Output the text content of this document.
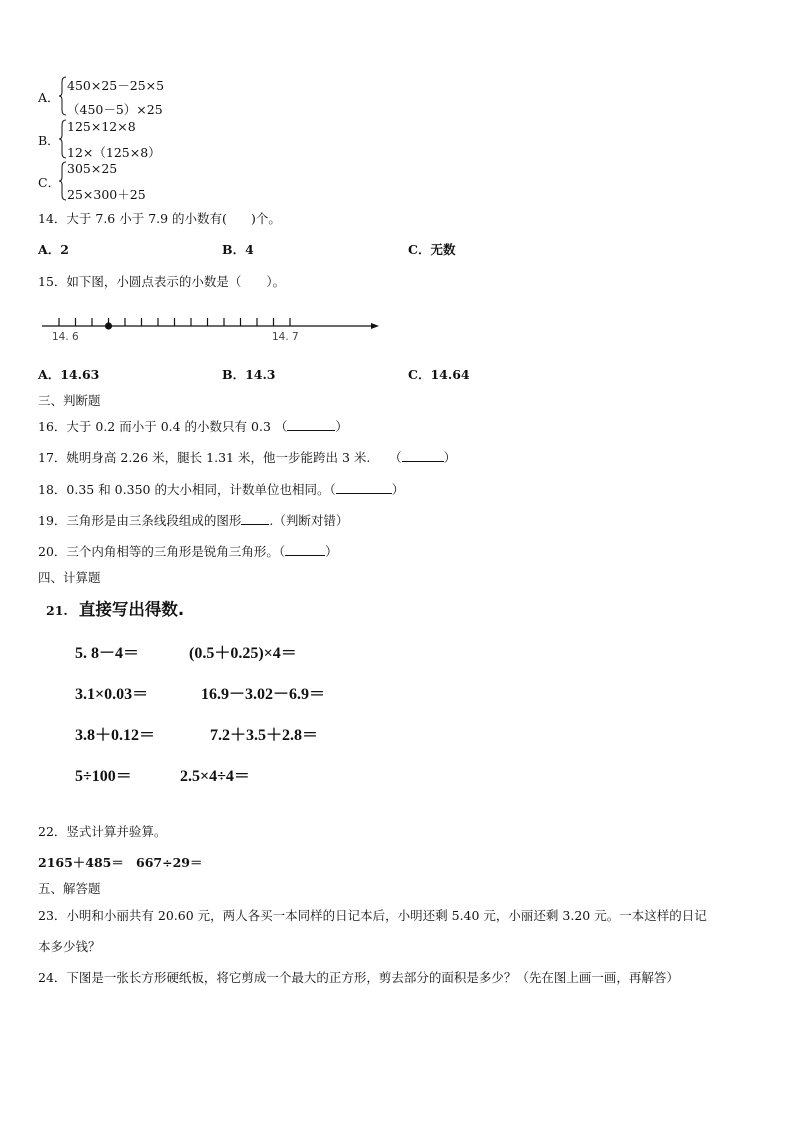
A．
450×25－25×5
（450－5）×25
B．
125×12×8
12×（125×8）
C．
305×25
25×300＋25
14．大于 7.6 小于 7.9 的小数有( )个。
A．2	B．4	C．无数
15．如下图，小圆点表示的小数是（　　）。
14. 6	14. 7
A．14.63	B．14.3	C．14.64
三、判断题
16．大于 0.2 而小于 0.4 的小数只有 0.3 （	）
17．姚明身高 2.26 米，腿长 1.31 米，他一步能跨出 3 米.　　（	）
18．0.35 和 0.350 的大小相同，计数单位也相同。（	）
19．三角形是由三条线段组成的图形 .（判断对错）
20．三个内角相等的三角形是锐角三角形。（	）
四、计算题
21. 直接写出得数.
5. 8－4＝	(0.5＋0.25)×4＝
3.1×0.03＝	16.9－3.02－6.9＝
3.8＋0.12＝	7.2＋3.5＋2.8＝
5÷100＝	2.5×4÷4＝
22．竖式计算并验算。
2165＋485＝ 667÷29＝
五、解答题
23．小明和小丽共有 20.60 元，两人各买一本同样的日记本后，小明还剩 5.40 元，小丽还剩 3.20 元。一本这样的日记
本多少钱？
24．下图是一张长方形硬纸板，将它剪成一个最大的正方形，剪去部分的面积是多少？（先在图上画一画，再解答）
